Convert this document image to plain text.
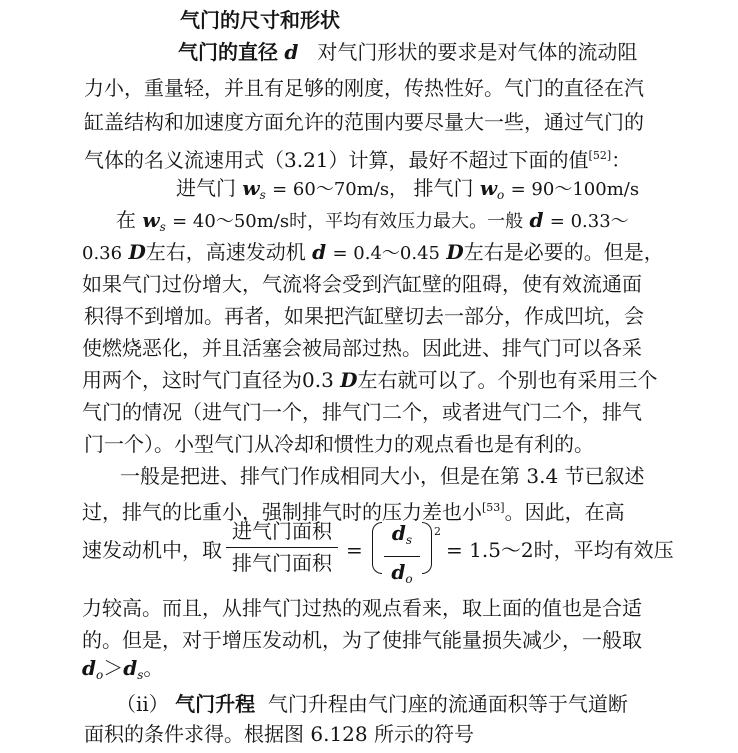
气门的尺寸和形状
气门的直径 d 对气门形状的要求是对气体的流动阻
力小，重量轻，并且有足够的刚度，传热性好。气门的直径在汽
缸盖结构和加速度方面允许的范围内要尽量大一些，通过气门的
气体的名义流速用式（3.21）计算，最好不超过下面的值[52]：
进气门 $w_s$ = 60～70m/s， 排气门 $w_o$ = 90～100m/s
在 $w_s$ = 40～50m/s时，平均有效压力最大。一般 d = 0.33～
0.36 D左右，高速发动机 d = 0.4～0.45 D左右是必要的。但是，
如果气门过份增大，气流将会受到汽缸壁的阻碍，使有效流通面
积得不到增加。再者，如果把汽缸壁切去一部分，作成凹坑，会
使燃烧恶化，并且活塞会被局部过热。因此进、排气门可以各采
用两个，这时气门直径为0.3 D左右就可以了。个别也有采用三个
气门的情况（进气门一个，排气门二个，或者进气门二个，排气
门一个）。小型气门从冷却和惯性力的观点看也是有利的。
一般是把进、排气门作成相同大小，但是在第 3.4 节已叙述
过，排气的比重小，强制排气时的压力差也小[53]。因此，在高
速发动机中，取
进气门面积
排气门面积
=
$d_s$
$d_o$
2
= 1.5～2时，平均有效压
力较高。而且，从排气门过热的观点看来，取上面的值也是合适
的。但是，对于增压发动机，为了使排气能量损失减少，一般取
$d_o>d_s$。
（ii） 气门升程 气门升程由气门座的流通面积等于气道断
面积的条件求得。根据图 6.128 所示的符号
